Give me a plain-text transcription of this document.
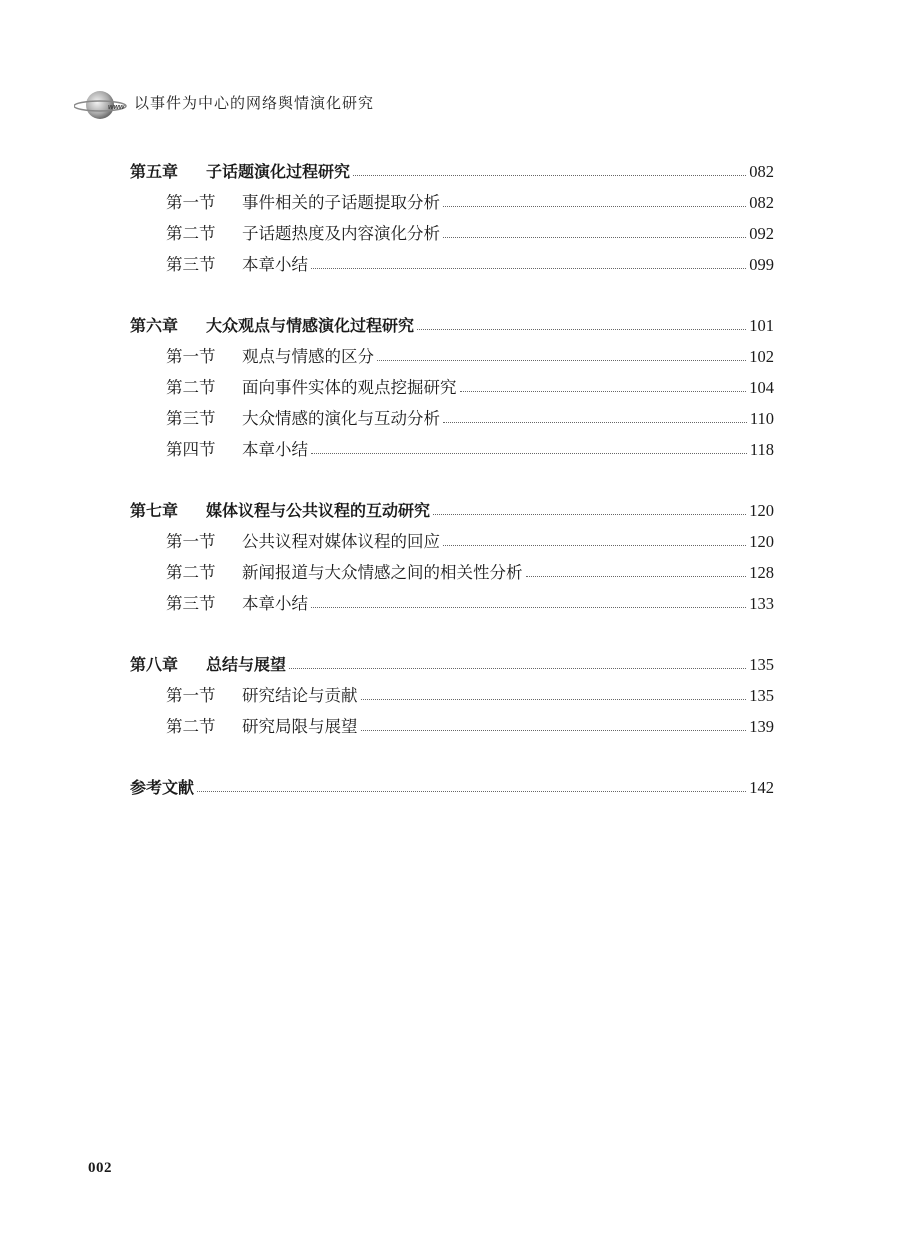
www 以事件为中心的网络舆情演化研究
第五章	子话题演化过程研究	082
第一节	事件相关的子话题提取分析	082
第二节	子话题热度及内容演化分析	092
第三节	本章小结	099
第六章	大众观点与情感演化过程研究	101
第一节	观点与情感的区分	102
第二节	面向事件实体的观点挖掘研究	104
第三节	大众情感的演化与互动分析	110
第四节	本章小结	118
第七章	媒体议程与公共议程的互动研究	120
第一节	公共议程对媒体议程的回应	120
第二节	新闻报道与大众情感之间的相关性分析	128
第三节	本章小结	133
第八章	总结与展望	135
第一节	研究结论与贡献	135
第二节	研究局限与展望	139
参考文献	142
002
